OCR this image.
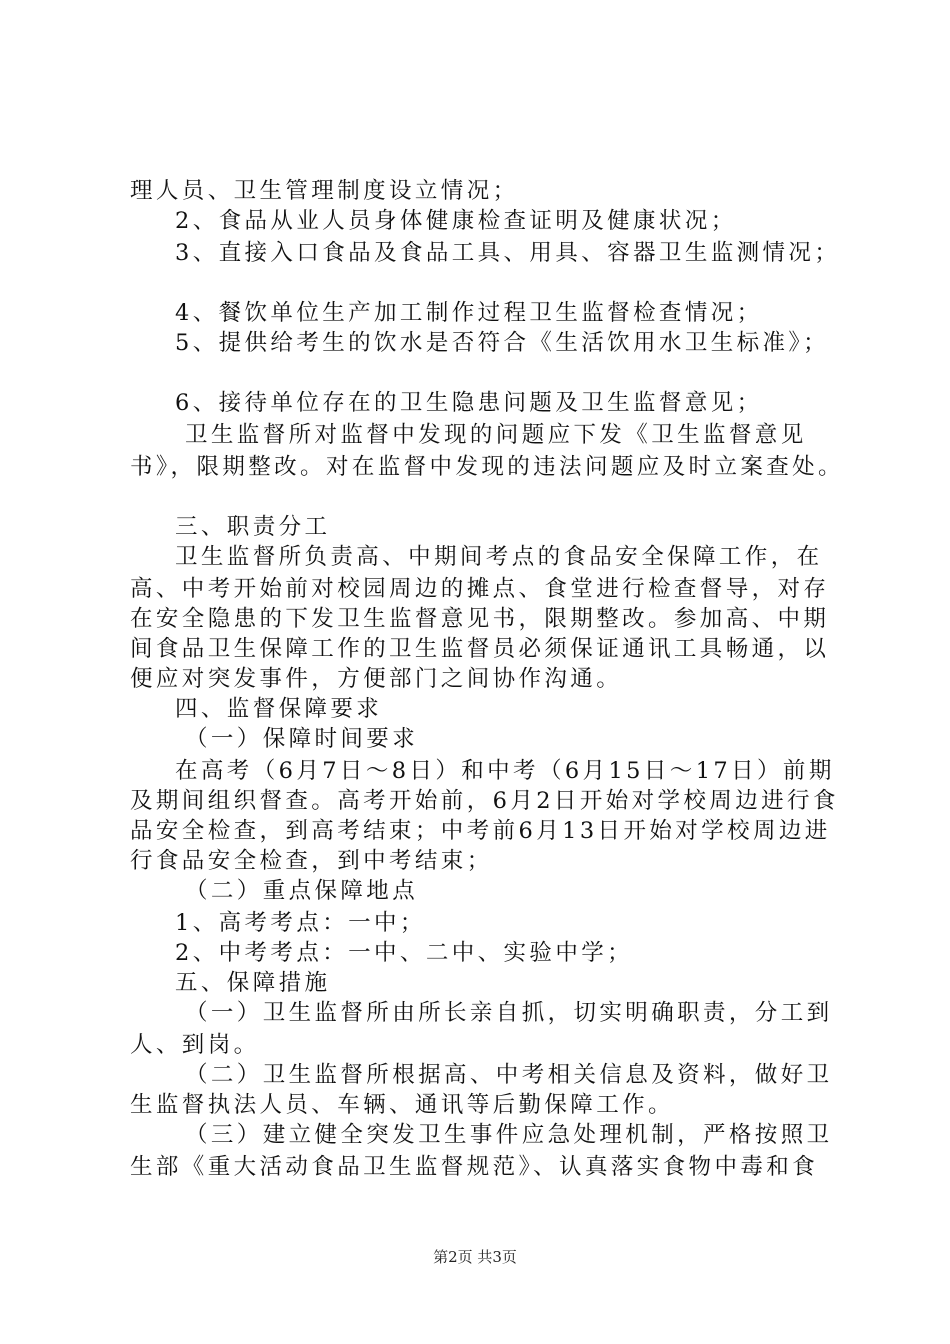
理人员、卫生管理制度设立情况；
2、食品从业人员身体健康检查证明及健康状况；
3、直接入口食品及食品工具、用具、容器卫生监测情况；
4、餐饮单位生产加工制作过程卫生监督检查情况；
5、提供给考生的饮水是否符合《生活饮用水卫生标准》；
6、接待单位存在的卫生隐患问题及卫生监督意见；
卫生监督所对监督中发现的问题应下发《卫生监督意见
书》，限期整改。对在监督中发现的违法问题应及时立案查处。
三、职责分工
卫生监督所负责高、中期间考点的食品安全保障工作，在
高、中考开始前对校园周边的摊点、食堂进行检查督导，对存
在安全隐患的下发卫生监督意见书，限期整改。参加高、中期
间食品卫生保障工作的卫生监督员必须保证通讯工具畅通，以
便应对突发事件，方便部门之间协作沟通。
四、监督保障要求
（一）保障时间要求
在高考（6月7日～8日）和中考（6月15日～17日）前期
及期间组织督查。高考开始前，6月2日开始对学校周边进行食
品安全检查，到高考结束；中考前6月13日开始对学校周边进
行食品安全检查，到中考结束；
（二）重点保障地点
1、高考考点：一中；
2、中考考点：一中、二中、实验中学；
五、保障措施
（一）卫生监督所由所长亲自抓，切实明确职责，分工到
人、到岗。
（二）卫生监督所根据高、中考相关信息及资料，做好卫
生监督执法人员、车辆、通讯等后勤保障工作。
（三）建立健全突发卫生事件应急处理机制，严格按照卫
生部《重大活动食品卫生监督规范》、认真落实食物中毒和食
第2页 共3页
